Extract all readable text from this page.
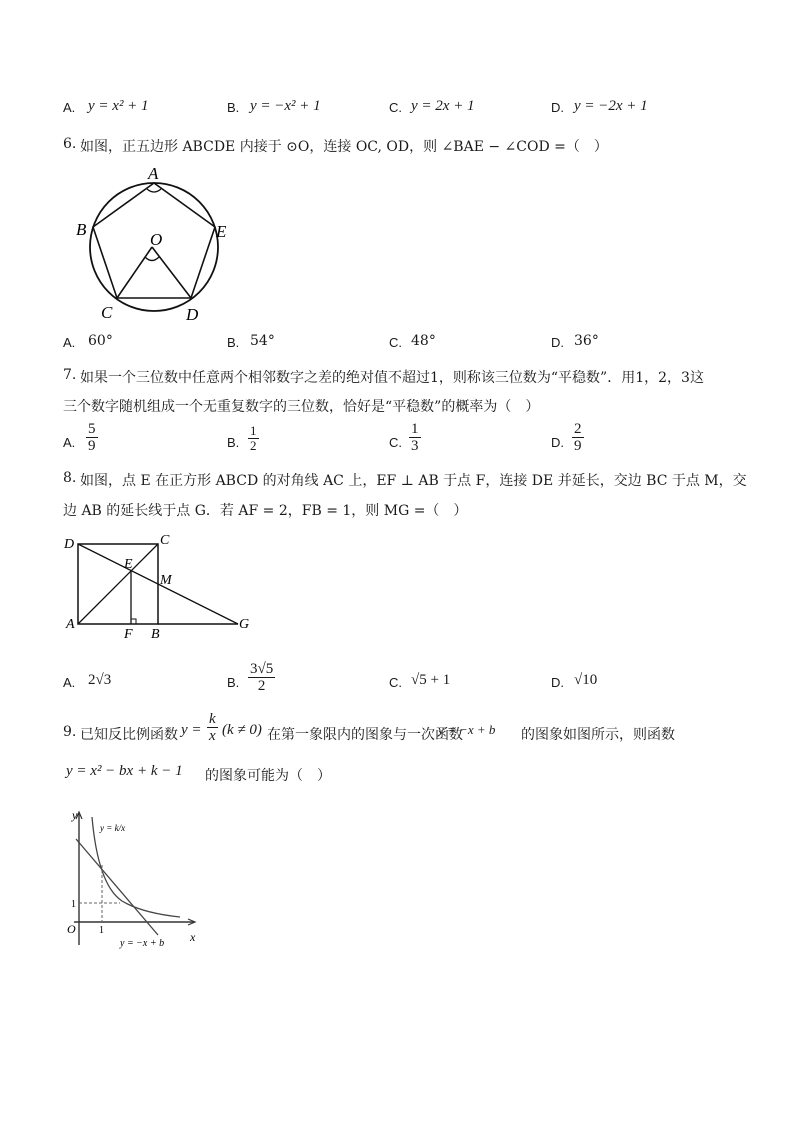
A. y = x² + 1	B. y = −x² + 1	C. y = 2x + 1	D. y = −2x + 1
6. 如图，正五边形 ABCDE 内接于 ⊙O，连接 OC, OD，则 ∠BAE − ∠COD =（　）
A
B
C	D
E
O
A. 60°	B. 54°	C. 48°	D. 36°
7. 如果一个三位数中任意两个相邻数字之差的绝对值不超过1，则称该三位数为“平稳数”．用1，2，3这
三个数字随机组成一个无重复数字的三位数，恰好是“平稳数”的概率为（　）
A. $\frac{5}{9}$	B. $\frac{1}{2}$	C. $\frac{1}{3}$	D. $\frac{2}{9}$
8. 如图，点 E 在正方形 ABCD 的对角线 AC 上，EF ⊥ AB 于点 F，连接 DE 并延长，交边 BC 于点 M，交
边 AB 的延长线于点 G．若 AF = 2，FB = 1，则 MG =（　）
D	C
E
M
A
F B
G
A. 2√3	B. $\frac{3√5}{2}$	C. √5 + 1	D. √10
9. 已知反比例函数 $y = \frac{k}{x} (k \ne 0)$ 在第一象限内的图象与一次函数
y = −x + b 的图象如图所示，则函数
y = x² − bx + k − 1 的图象可能为（　）
y
x
O 1
1
y = k/x
y = −x + b
